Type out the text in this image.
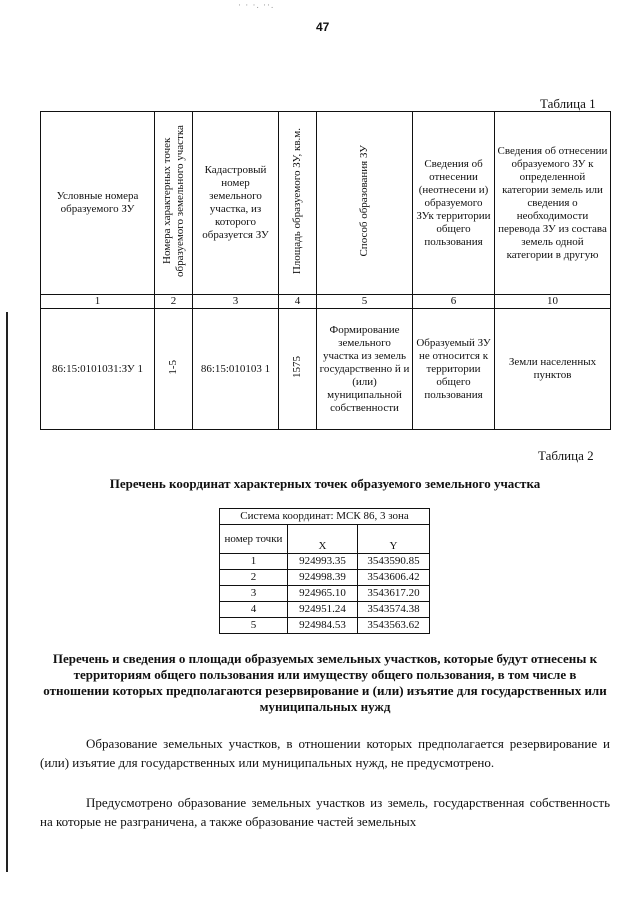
· · ·. ··.
47
Таблица 1
Условные номера образуемого ЗУ	Номера характерных точек образуемого земельного участка	Кадастровый номер земельного участка, из которого образуется ЗУ	Площадь образуемого ЗУ, кв.м.	Способ образования ЗУ	Сведения об отнесении (неотнесени и) образуемого ЗУк территории общего пользования	Сведения об отнесении образуемого ЗУ к определенной категории земель или сведения о необходимости перевода ЗУ из состава земель одной категории в другую
1	2	3	4	5	6	10
86:15:0101031:ЗУ 1	1-5	86:15:010103 1	1575	Формирование земельного участка из земель государственно й и (или) муниципальной собственности	Образуемый ЗУ не относится к территории общего пользования	Земли населенных пунктов
Таблица 2
Перечень координат характерных точек образуемого земельного участка
Система координат: МСК 86, 3 зона		
номер точки	X	Y
1	924993.35	3543590.85
2	924998.39	3543606.42
3	924965.10	3543617.20
4	924951.24	3543574.38
5	924984.53	3543563.62
Перечень и сведения о площади образуемых земельных участков, которые будут отнесены к территориям общего пользования или имуществу общего пользования, в том числе в отношении которых предполагаются резервирование и (или) изъятие для государственных или муниципальных нужд
Образование земельных участков, в отношении которых предполагается резервирование и (или) изъятие для государственных или муниципальных нужд, не предусмотрено.
Предусмотрено образование земельных участков из земель, государственная собственность на которые не разграничена, а также образование частей земельных
